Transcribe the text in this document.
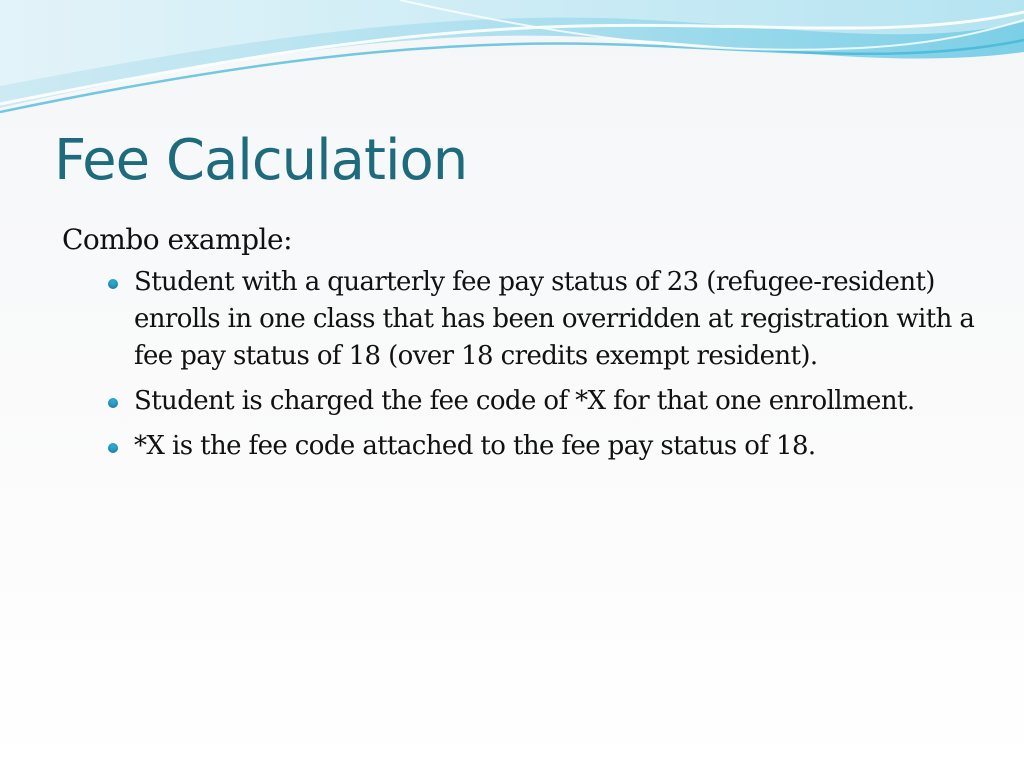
Fee Calculation

Combo example:

Student with a quarterly fee pay status of 23 (refugee-resident) enrolls in one class that has been overridden at registration with a fee pay status of 18 (over 18 credits exempt resident).
Student is charged the fee code of *X for that one enrollment.
*X is the fee code attached to the fee pay status of 18.
